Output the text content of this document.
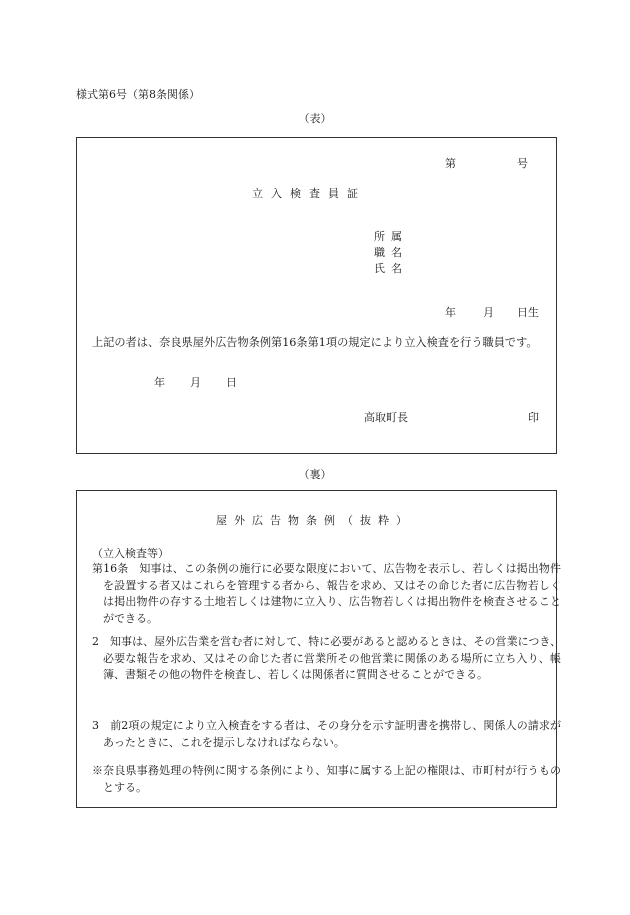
様式第6号（第8条関係）
（表）
第	号
立入検査員証
所属
職名
氏名
年 月 日生
上記の者は、奈良県屋外広告物条例第16条第1項の規定により立入検査を行う職員です。
年 月 日
高取町長	印
（裏）
屋外広告物条例（抜粋）
（立入検査等）
第16条　知事は、この条例の施行に必要な限度において、広告物を表示し、若しくは掲出物件を設置する者又はこれらを管理する者から、報告を求め、又はその命じた者に広告物若しくは掲出物件の存する土地若しくは建物に立入り、広告物若しくは掲出物件を検査させることができる。
2　知事は、屋外広告業を営む者に対して、特に必要があると認めるときは、その営業につき、必要な報告を求め、又はその命じた者に営業所その他営業に関係のある場所に立ち入り、帳簿、書類その他の物件を検査し、若しくは関係者に質問させることができる。
3　前2項の規定により立入検査をする者は、その身分を示す証明書を携帯し、関係人の請求があったときに、これを提示しなければならない。
※奈良県事務処理の特例に関する条例により、知事に属する上記の権限は、市町村が行うものとする。
